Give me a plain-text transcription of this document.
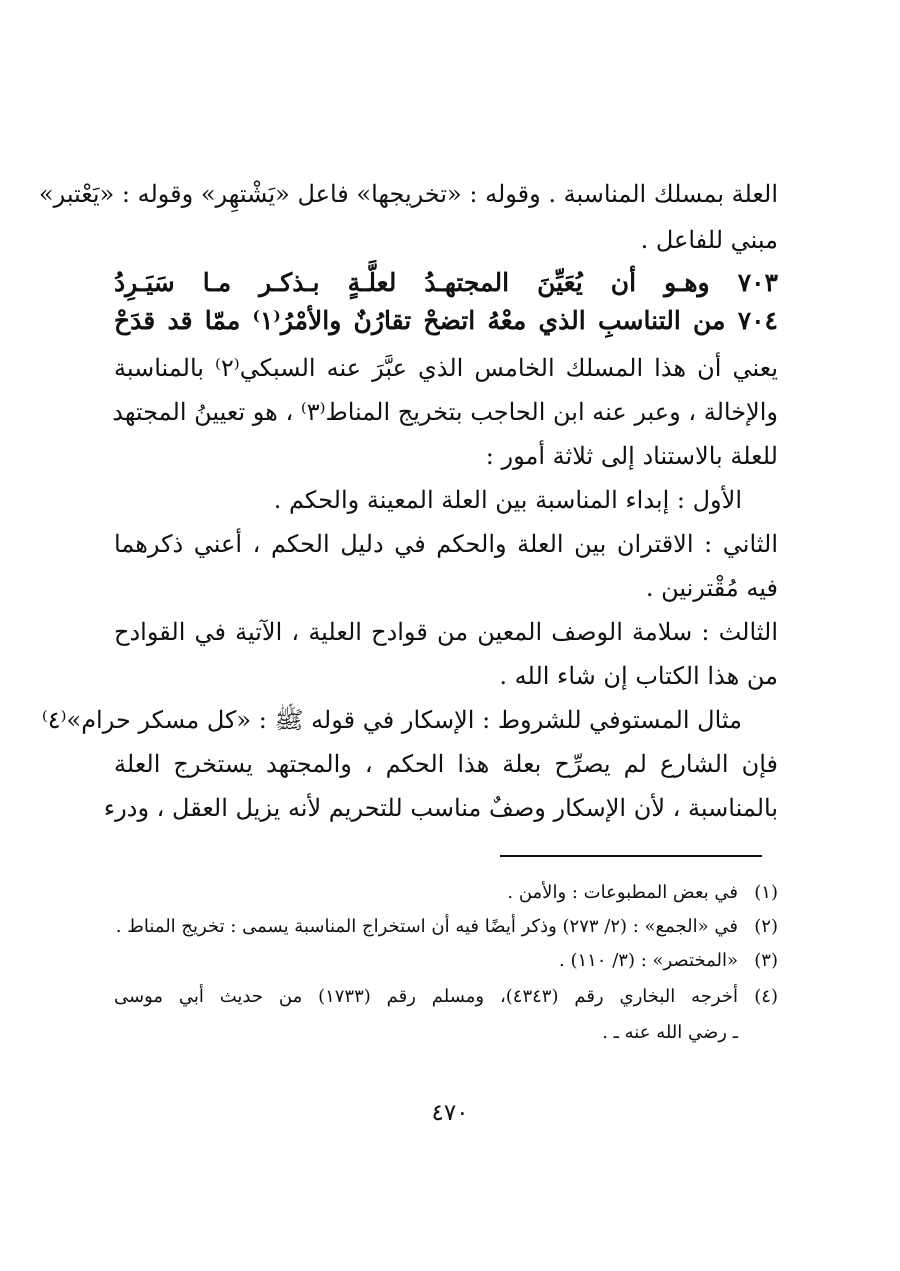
العلة بمسلك المناسبة . وقوله : «تخريجها» فاعل «يَشْتهِر» وقوله : «يَعْتبر»
مبني للفاعل .
٧٠٣ وهـو أن يُعَيِّنَ المجتهـدُ لعلَّـةٍ بـذكـر مـا سَيَـرِدُ
٧٠٤ من التناسبِ الذي معْهُ اتضحْ تقارُنٌ والأمْرُ⁽١⁾ ممّا قد قدَحْ
يعني أن هذا المسلك الخامس الذي عبَّرَ عنه السبكي⁽٢⁾ بالمناسبة
والإخالة ، وعبر عنه ابن الحاجب بتخريج المناط⁽٣⁾ ، هو تعيينُ المجتهد
للعلة بالاستناد إلى ثلاثة أمور :
الأول : إبداء المناسبة بين العلة المعينة والحكم .
الثاني : الاقتران بين العلة والحكم في دليل الحكم ، أعني ذكرهما
فيه مُقْترنين .
الثالث : سلامة الوصف المعين من قوادح العلية ، الآتية في القوادح
من هذا الكتاب إن شاء الله .
مثال المستوفي للشروط : الإسكار في قوله ﷺ : «كل مسكر حرام»⁽٤⁾
فإن الشارع لم يصرِّح بعلة هذا الحكم ، والمجتهد يستخرج العلة
بالمناسبة ، لأن الإسكار وصفٌ مناسب للتحريم لأنه يزيل العقل ، ودرء
(١)في بعض المطبوعات : والأمن .
(٢)في «الجمع» : (٢/ ٢٧٣) وذكر أيضًا فيه أن استخراج المناسبة يسمى : تخريج المناط .
(٣)«المختصر» : (٣/ ١١٠) .
(٤)أخرجه البخاري رقم (٤٣٤٣)، ومسلم رقم (١٧٣٣) من حديث أبي موسى
ـ رضي الله عنه ـ .
٤٧٠
